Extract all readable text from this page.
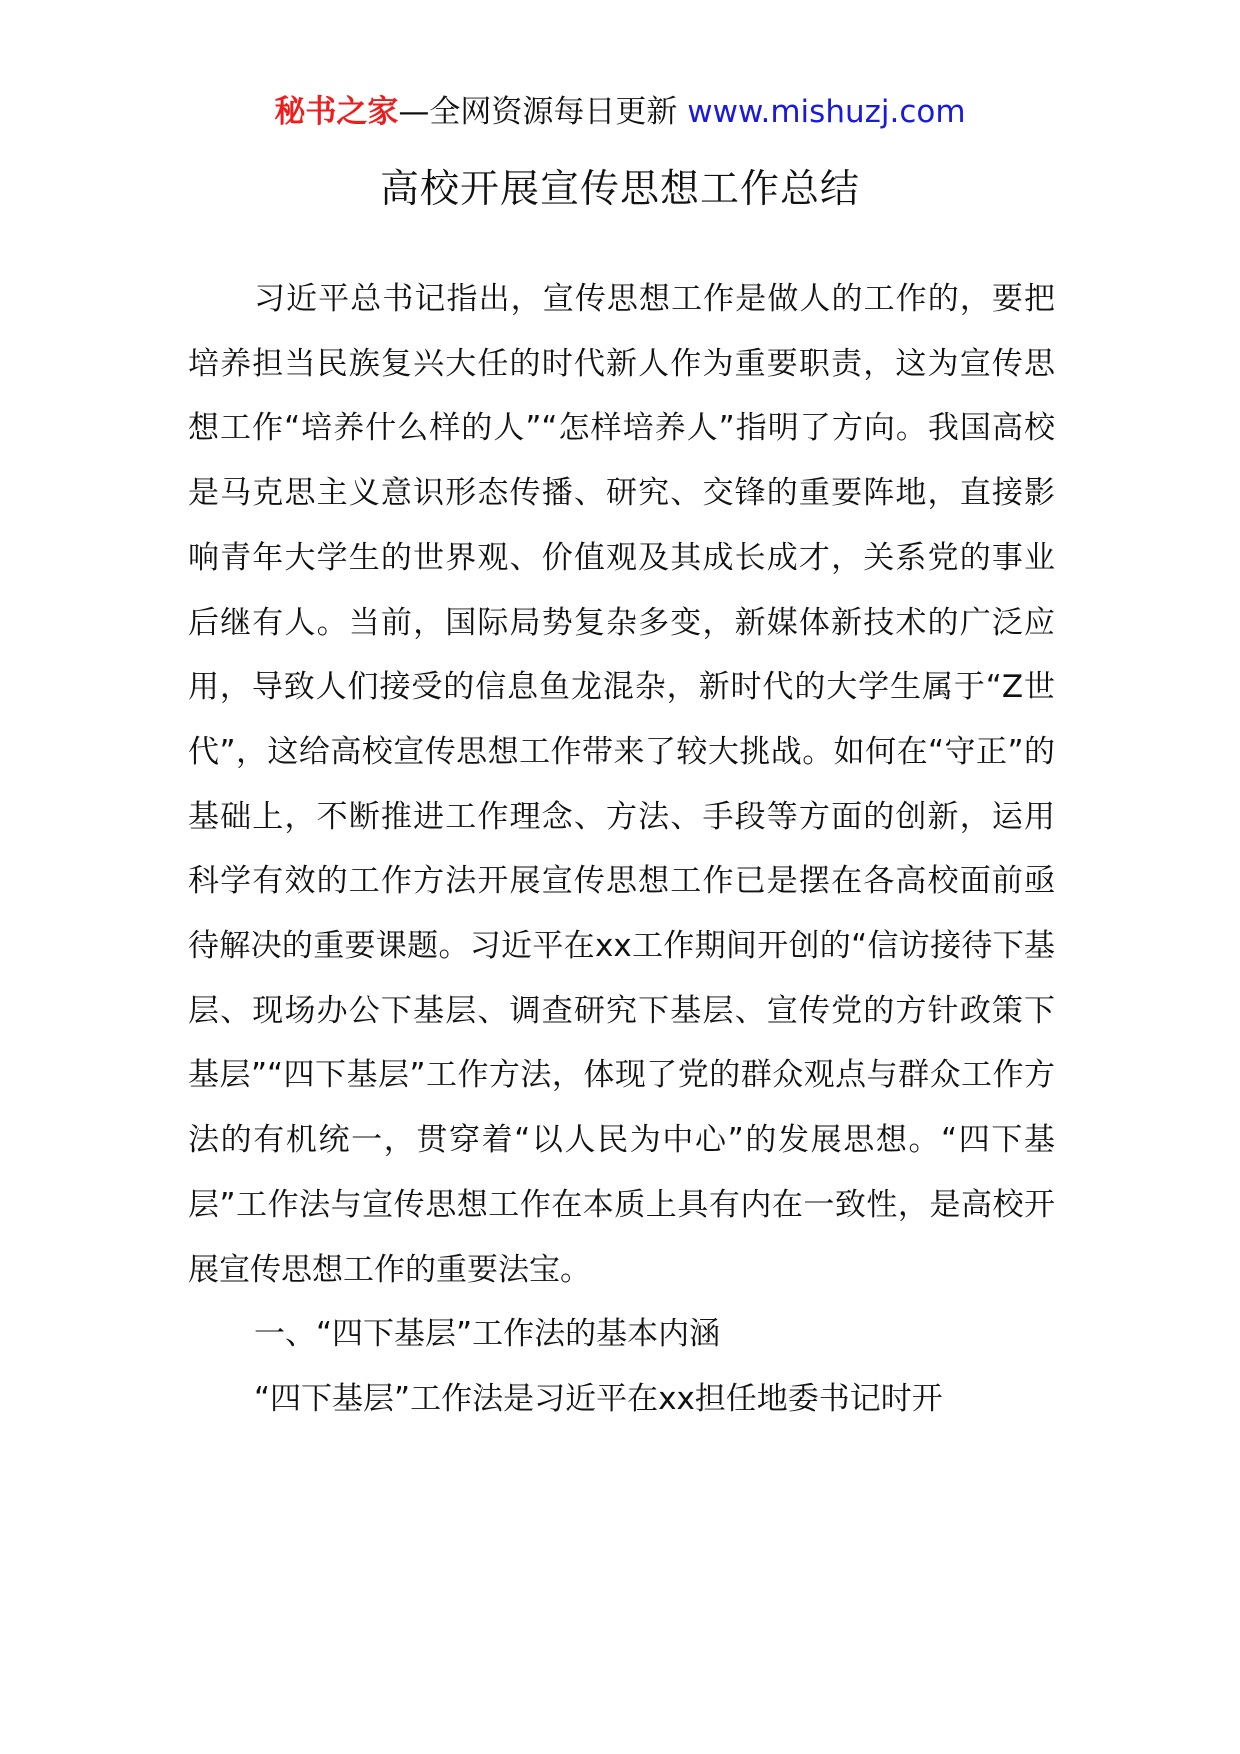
秘书之家—全网资源每日更新 www.mishuzj.com
高校开展宣传思想工作总结

习近平总书记指出，宣传思想工作是做人的工作的，要把培养担当民族复兴大任的时代新人作为重要职责，这为宣传思想工作“培养什么样的人”“怎样培养人”指明了方向。我国高校是马克思主义意识形态传播、研究、交锋的重要阵地，直接影响青年大学生的世界观、价值观及其成长成才，关系党的事业后继有人。当前，国际局势复杂多变，新媒体新技术的广泛应用，导致人们接受的信息鱼龙混杂，新时代的大学生属于“Z世代”，这给高校宣传思想工作带来了较大挑战。如何在“守正”的基础上，不断推进工作理念、方法、手段等方面的创新，运用科学有效的工作方法开展宣传思想工作已是摆在各高校面前亟待解决的重要课题。习近平在xx工作期间开创的“信访接待下基层、现场办公下基层、调查研究下基层、宣传党的方针政策下基层”“四下基层”工作方法，体现了党的群众观点与群众工作方法的有机统一，贯穿着“以人民为中心”的发展思想。“四下基层”工作法与宣传思想工作在本质上具有内在一致性，是高校开展宣传思想工作的重要法宝。

一、“四下基层”工作法的基本内涵

“四下基层”工作法是习近平在xx担任地委书记时开
